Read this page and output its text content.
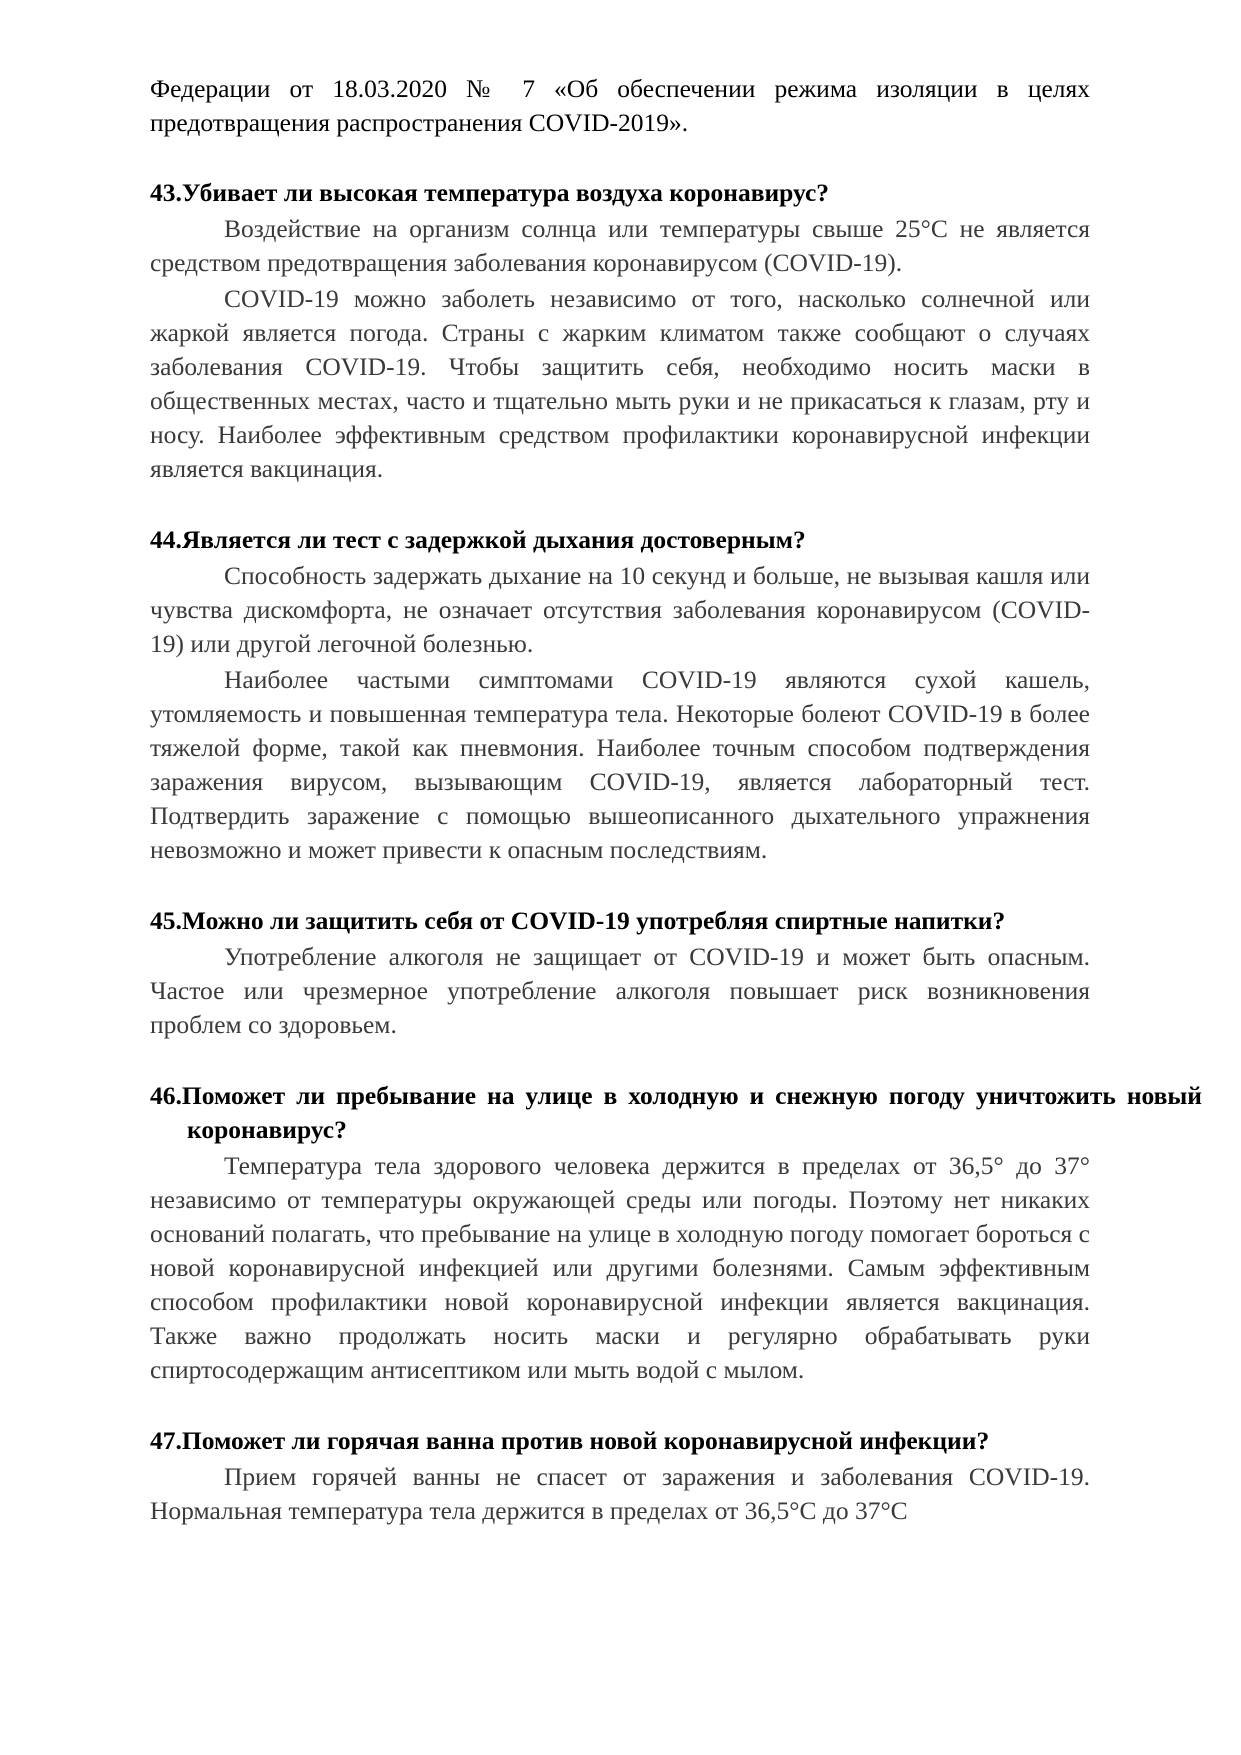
Федерации от 18.03.2020 № 7 «Об обеспечении режима изоляции в целях предотвращения распространения COVID-2019».

43.Убивает ли высокая температура воздуха коронавирус?

Воздействие на организм солнца или температуры свыше 25°С не является средством предотвращения заболевания коронавирусом (COVID-19).

COVID-19 можно заболеть независимо от того, насколько солнечной или жаркой является погода. Страны с жарким климатом также сообщают о случаях заболевания COVID-19. Чтобы защитить себя, необходимо носить маски в общественных местах, часто и тщательно мыть руки и не прикасаться к глазам, рту и носу. Наиболее эффективным средством профилактики коронавирусной инфекции является вакцинация.

44.Является ли тест с задержкой дыхания достоверным?

Способность задержать дыхание на 10 секунд и больше, не вызывая кашля или чувства дискомфорта, не означает отсутствия заболевания коронавирусом (COVID-19) или другой легочной болезнью.

Наиболее частыми симптомами COVID-19 являются сухой кашель, утомляемость и повышенная температура тела. Некоторые болеют COVID-19 в более тяжелой форме, такой как пневмония. Наиболее точным способом подтверждения заражения вирусом, вызывающим COVID-19, является лабораторный тест. Подтвердить заражение с помощью вышеописанного дыхательного упражнения невозможно и может привести к опасным последствиям.

45.Можно ли защитить себя от COVID-19 употребляя спиртные напитки?

Употребление алкоголя не защищает от COVID-19 и может быть опасным. Частое или чрезмерное употребление алкоголя повышает риск возникновения проблем со здоровьем.

46.Поможет ли пребывание на улице в холодную и снежную погоду уничтожить новый коронавирус?

Температура тела здорового человека держится в пределах от 36,5° до 37° независимо от температуры окружающей среды или погоды. Поэтому нет никаких оснований полагать, что пребывание на улице в холодную погоду помогает бороться с новой коронавирусной инфекцией или другими болезнями. Самым эффективным способом профилактики новой коронавирусной инфекции является вакцинация. Также важно продолжать носить маски и регулярно обрабатывать руки спиртосодержащим антисептиком или мыть водой с мылом.

47.Поможет ли горячая ванна против новой коронавирусной инфекции?

Прием горячей ванны не спасет от заражения и заболевания COVID-19. Нормальная температура тела держится в пределах от 36,5°С до 37°С
